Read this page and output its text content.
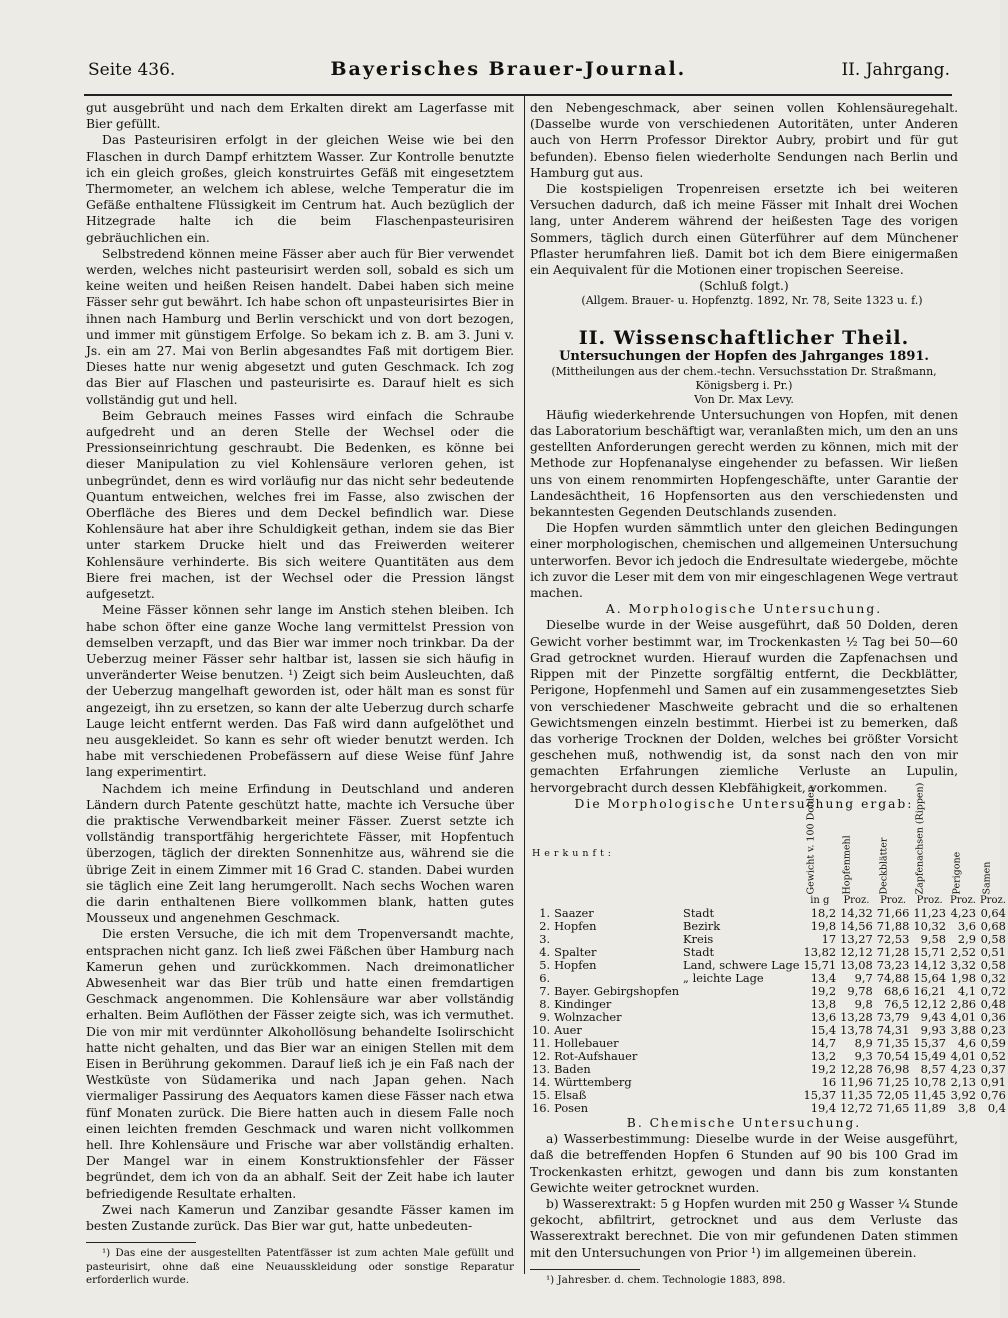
Seite 436.	Bayerisches Brauer-Journal.	II. Jahrgang.

gut ausgebrüht und nach dem Erkalten direkt am Lagerfasse mit Bier gefüllt.

Das Pasteurisiren erfolgt in der gleichen Weise wie bei den Flaschen in durch Dampf erhitztem Wasser. Zur Kontrolle benutzte ich ein gleich großes, gleich konstruirtes Gefäß mit eingesetztem Thermometer, an welchem ich ablese, welche Temperatur die im Gefäße enthaltene Flüssigkeit im Centrum hat. Auch bezüglich der Hitzegrade halte ich die beim Flaschenpasteurisiren gebräuchlichen ein.

Selbstredend können meine Fässer aber auch für Bier verwendet werden, welches nicht pasteurisirt werden soll, sobald es sich um keine weiten und heißen Reisen handelt. Dabei haben sich meine Fässer sehr gut bewährt. Ich habe schon oft unpasteurisirtes Bier in ihnen nach Hamburg und Berlin verschickt und von dort bezogen, und immer mit günstigem Erfolge. So bekam ich z. B. am 3. Juni v. Js. ein am 27. Mai von Berlin abgesandtes Faß mit dortigem Bier. Dieses hatte nur wenig abgesetzt und guten Geschmack. Ich zog das Bier auf Flaschen und pasteurisirte es. Darauf hielt es sich vollständig gut und hell.

Beim Gebrauch meines Fasses wird einfach die Schraube aufgedreht und an deren Stelle der Wechsel oder die Pressionseinrichtung geschraubt. Die Bedenken, es könne bei dieser Manipulation zu viel Kohlensäure verloren gehen, ist unbegründet, denn es wird vorläufig nur das nicht sehr bedeutende Quantum entweichen, welches frei im Fasse, also zwischen der Oberfläche des Bieres und dem Deckel befindlich war. Diese Kohlensäure hat aber ihre Schuldigkeit gethan, indem sie das Bier unter starkem Drucke hielt und das Freiwerden weiterer Kohlensäure verhinderte. Bis sich weitere Quantitäten aus dem Biere frei machen, ist der Wechsel oder die Pression längst aufgesetzt.

Meine Fässer können sehr lange im Anstich stehen bleiben. Ich habe schon öfter eine ganze Woche lang vermittelst Pression von demselben verzapft, und das Bier war immer noch trinkbar. Da der Ueberzug meiner Fässer sehr haltbar ist, lassen sie sich häufig in unveränderter Weise benutzen. ¹) Zeigt sich beim Ausleuchten, daß der Ueberzug mangelhaft geworden ist, oder hält man es sonst für angezeigt, ihn zu ersetzen, so kann der alte Ueberzug durch scharfe Lauge leicht entfernt werden. Das Faß wird dann aufgelöthet und neu ausgekleidet. So kann es sehr oft wieder benutzt werden. Ich habe mit verschiedenen Probefässern auf diese Weise fünf Jahre lang experimentirt.

Nachdem ich meine Erfindung in Deutschland und anderen Ländern durch Patente geschützt hatte, machte ich Versuche über die praktische Verwendbarkeit meiner Fässer. Zuerst setzte ich vollständig transportfähig hergerichtete Fässer, mit Hopfentuch überzogen, täglich der direkten Sonnenhitze aus, während sie die übrige Zeit in einem Zimmer mit 16 Grad C. standen. Dabei wurden sie täglich eine Zeit lang herumgerollt. Nach sechs Wochen waren die darin enthaltenen Biere vollkommen blank, hatten gutes Mousseux und angenehmen Geschmack.

Die ersten Versuche, die ich mit dem Tropenversandt machte, entsprachen nicht ganz. Ich ließ zwei Fäßchen über Hamburg nach Kamerun gehen und zurückkommen. Nach dreimonatlicher Abwesenheit war das Bier trüb und hatte einen fremdartigen Geschmack angenommen. Die Kohlensäure war aber vollständig erhalten. Beim Auflöthen der Fässer zeigte sich, was ich vermuthet. Die von mir mit verdünnter Alkohollösung behandelte Isolirschicht hatte nicht gehalten, und das Bier war an einigen Stellen mit dem Eisen in Berührung gekommen. Darauf ließ ich je ein Faß nach der Westküste von Südamerika und nach Japan gehen. Nach viermaliger Passirung des Aequators kamen diese Fässer nach etwa fünf Monaten zurück. Die Biere hatten auch in diesem Falle noch einen leichten fremden Geschmack und waren nicht vollkommen hell. Ihre Kohlensäure und Frische war aber vollständig erhalten. Der Mangel war in einem Konstruktionsfehler der Fässer begründet, dem ich von da an abhalf. Seit der Zeit habe ich lauter befriedigende Resultate erhalten.

Zwei nach Kamerun und Zanzibar gesandte Fässer kamen im besten Zustande zurück. Das Bier war gut, hatte unbedeuten-

¹) Das eine der ausgestellten Patentfässer ist zum achten Male gefüllt und pasteurisirt, ohne daß eine Neuausskleidung oder sonstige Reparatur erforderlich wurde.

den Nebengeschmack, aber seinen vollen Kohlensäuregehalt. (Dasselbe wurde von verschiedenen Autoritäten, unter Anderen auch von Herrn Professor Direktor Aubry, probirt und für gut befunden). Ebenso fielen wiederholte Sendungen nach Berlin und Hamburg gut aus.

Die kostspieligen Tropenreisen ersetzte ich bei weiteren Versuchen dadurch, daß ich meine Fässer mit Inhalt drei Wochen lang, unter Anderem während der heißesten Tage des vorigen Sommers, täglich durch einen Güterführer auf dem Münchener Pflaster herumfahren ließ. Damit bot ich dem Biere einigermaßen ein Aequivalent für die Motionen einer tropischen Seereise.

(Schluß folgt.)

(Allgem. Brauer- u. Hopfenztg. 1892, Nr. 78, Seite 1323 u. f.)

II. Wissenschaftlicher Theil.
Untersuchungen der Hopfen des Jahrganges 1891.
(Mittheilungen aus der chem.-techn. Versuchsstation Dr. Straßmann, Königsberg i. Pr.)
Von Dr. Max Levy.

Häufig wiederkehrende Untersuchungen von Hopfen, mit denen das Laboratorium beschäftigt war, veranlaßten mich, um den an uns gestellten Anforderungen gerecht werden zu können, mich mit der Methode zur Hopfenanalyse eingehender zu befassen. Wir ließen uns von einem renommirten Hopfengeschäfte, unter Garantie der Landesächtheit, 16 Hopfensorten aus den verschiedensten und bekanntesten Gegenden Deutschlands zusenden.

Die Hopfen wurden sämmtlich unter den gleichen Bedingungen einer morphologischen, chemischen und allgemeinen Untersuchung unterworfen. Bevor ich jedoch die Endresultate wiedergebe, möchte ich zuvor die Leser mit dem von mir eingeschlagenen Wege vertraut machen.

A. Morphologische Untersuchung.

Dieselbe wurde in der Weise ausgeführt, daß 50 Dolden, deren Gewicht vorher bestimmt war, im Trockenkasten ½ Tag bei 50—60 Grad getrocknet wurden. Hierauf wurden die Zapfenachsen und Rippen mit der Pinzette sorgfältig entfernt, die Deckblätter, Perigone, Hopfenmehl und Samen auf ein zusammengesetztes Sieb von verschiedener Maschweite gebracht und die so erhaltenen Gewichtsmengen einzeln bestimmt. Hierbei ist zu bemerken, daß das vorherige Trocknen der Dolden, welches bei größter Vorsicht geschehen muß, nothwendig ist, da sonst nach den von mir gemachten Erfahrungen ziemliche Verluste an Lupulin, hervorgebracht durch dessen Klebfähigkeit, vorkommen.

Die Morphologische Untersuchung ergab:

Herkunft:			Gewicht v. 100 Dolden	Hopfenmehl	Deckblätter	Zapfenachsen (Rippen)	Perigone	Samen
			in g	Proz.	Proz.	Proz.	Proz.	Proz.
1.	Saazer	Stadt	18,2	14,32	71,66	11,23	4,23	0,64
2.	Hopfen	Bezirk	19,8	14,56	71,88	10,32	3,6	0,68
3.		Kreis	17	13,27	72,53	9,58	2,9	0,58
4.	Spalter	Stadt	13,82	12,12	71,28	15,71	2,52	0,51
5.	Hopfen	Land, schwere Lage	15,71	13,08	73,23	14,12	3,32	0,58
6.		„ leichte Lage	13,4	9,7	74,88	15,64	1,98	0,32
7.	Bayer. Gebirgshopfen		19,2	9,78	68,6	16,21	4,1	0,72
8.	Kindinger		13,8	9,8	76,5	12,12	2,86	0,48
9.	Wolnzacher		13,6	13,28	73,79	9,43	4,01	0,36
10.	Auer		15,4	13,78	74,31	9,93	3,88	0,23
11.	Hollebauer		14,7	8,9	71,35	15,37	4,6	0,59
12.	Rot-Aufshauer		13,2	9,3	70,54	15,49	4,01	0,52
13.	Baden		19,2	12,28	76,98	8,57	4,23	0,37
14.	Württemberg		16	11,96	71,25	10,78	2,13	0,91
15.	Elsaß		15,37	11,35	72,05	11,45	3,92	0,76
16.	Posen		19,4	12,72	71,65	11,89	3,8	0,4

B. Chemische Untersuchung.

a) Wasserbestimmung: Dieselbe wurde in der Weise ausgeführt, daß die betreffenden Hopfen 6 Stunden auf 90 bis 100 Grad im Trockenkasten erhitzt, gewogen und dann bis zum konstanten Gewichte weiter getrocknet wurden.

b) Wasserextrakt: 5 g Hopfen wurden mit 250 g Wasser ¼ Stunde gekocht, abfiltrirt, getrocknet und aus dem Verluste das Wasserextrakt berechnet. Die von mir gefundenen Daten stimmen mit den Untersuchungen von Prior ¹) im allgemeinen überein.

¹) Jahresber. d. chem. Technologie 1883, 898.
